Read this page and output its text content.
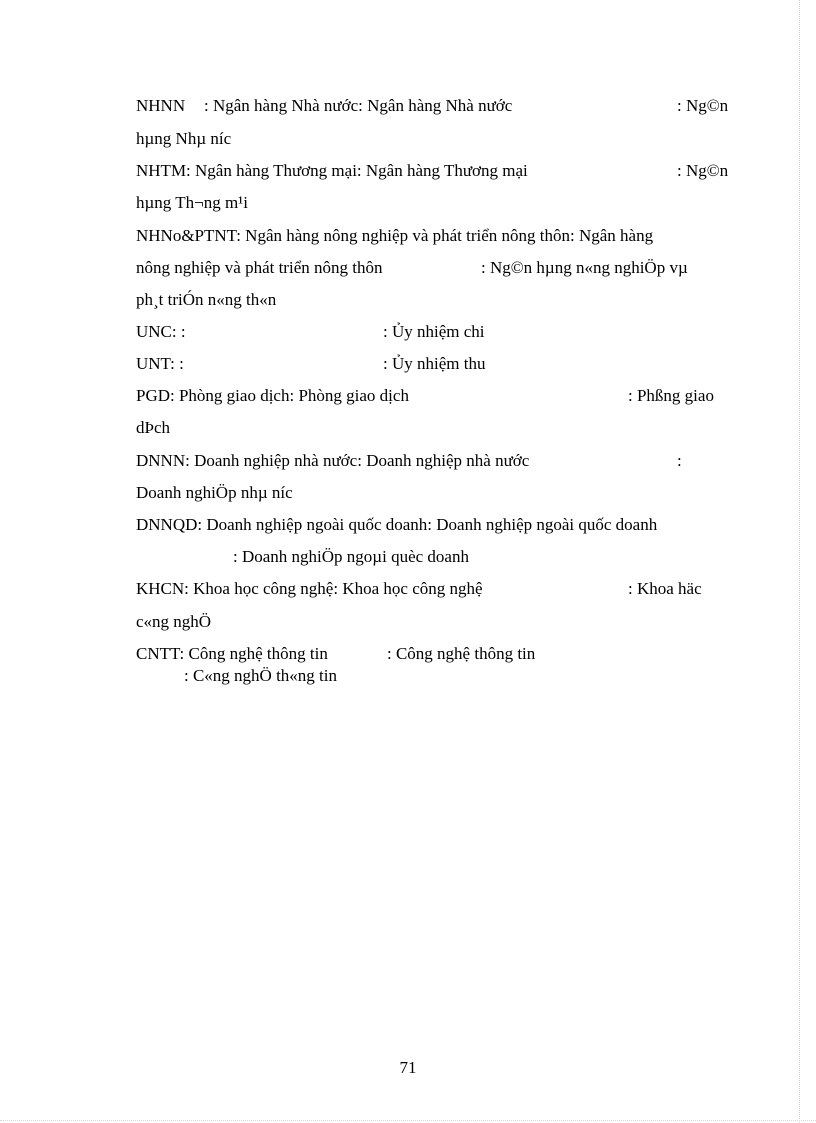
NHNN : Ngân hàng Nhà nước: Ngân hàng Nhà nước	: Ng©n
hµng Nhµ níc
NHTM: Ngân hàng Thương mại: Ngân hàng Thương mại	: Ng©n
hµng Th¬ng m¹i
NHNo&PTNT: Ngân hàng nông nghiệp và phát triển nông thôn: Ngân hàng
nông nghiệp và phát triển nông thôn	: Ng©n hµng n«ng nghiÖp vµ
ph¸t triÓn n«ng th«n
UNC: :	: Ủy nhiệm chi
UNT: :	: Ủy nhiệm thu
PGD: Phòng giao dịch: Phòng giao dịch	: Phßng giao
dÞch
DNNN: Doanh nghiệp nhà nước: Doanh nghiệp nhà nước	:
Doanh nghiÖp nhµ níc
DNNQD: Doanh nghiệp ngoài quốc doanh: Doanh nghiệp ngoài quốc doanh
: Doanh nghiÖp ngoµi quèc doanh
KHCN: Khoa học công nghệ: Khoa học công nghệ	: Khoa häc
c«ng nghÖ
CNTT: Công nghệ thông tin	: Công nghệ thông tin
: C«ng nghÖ th«ng tin
71
